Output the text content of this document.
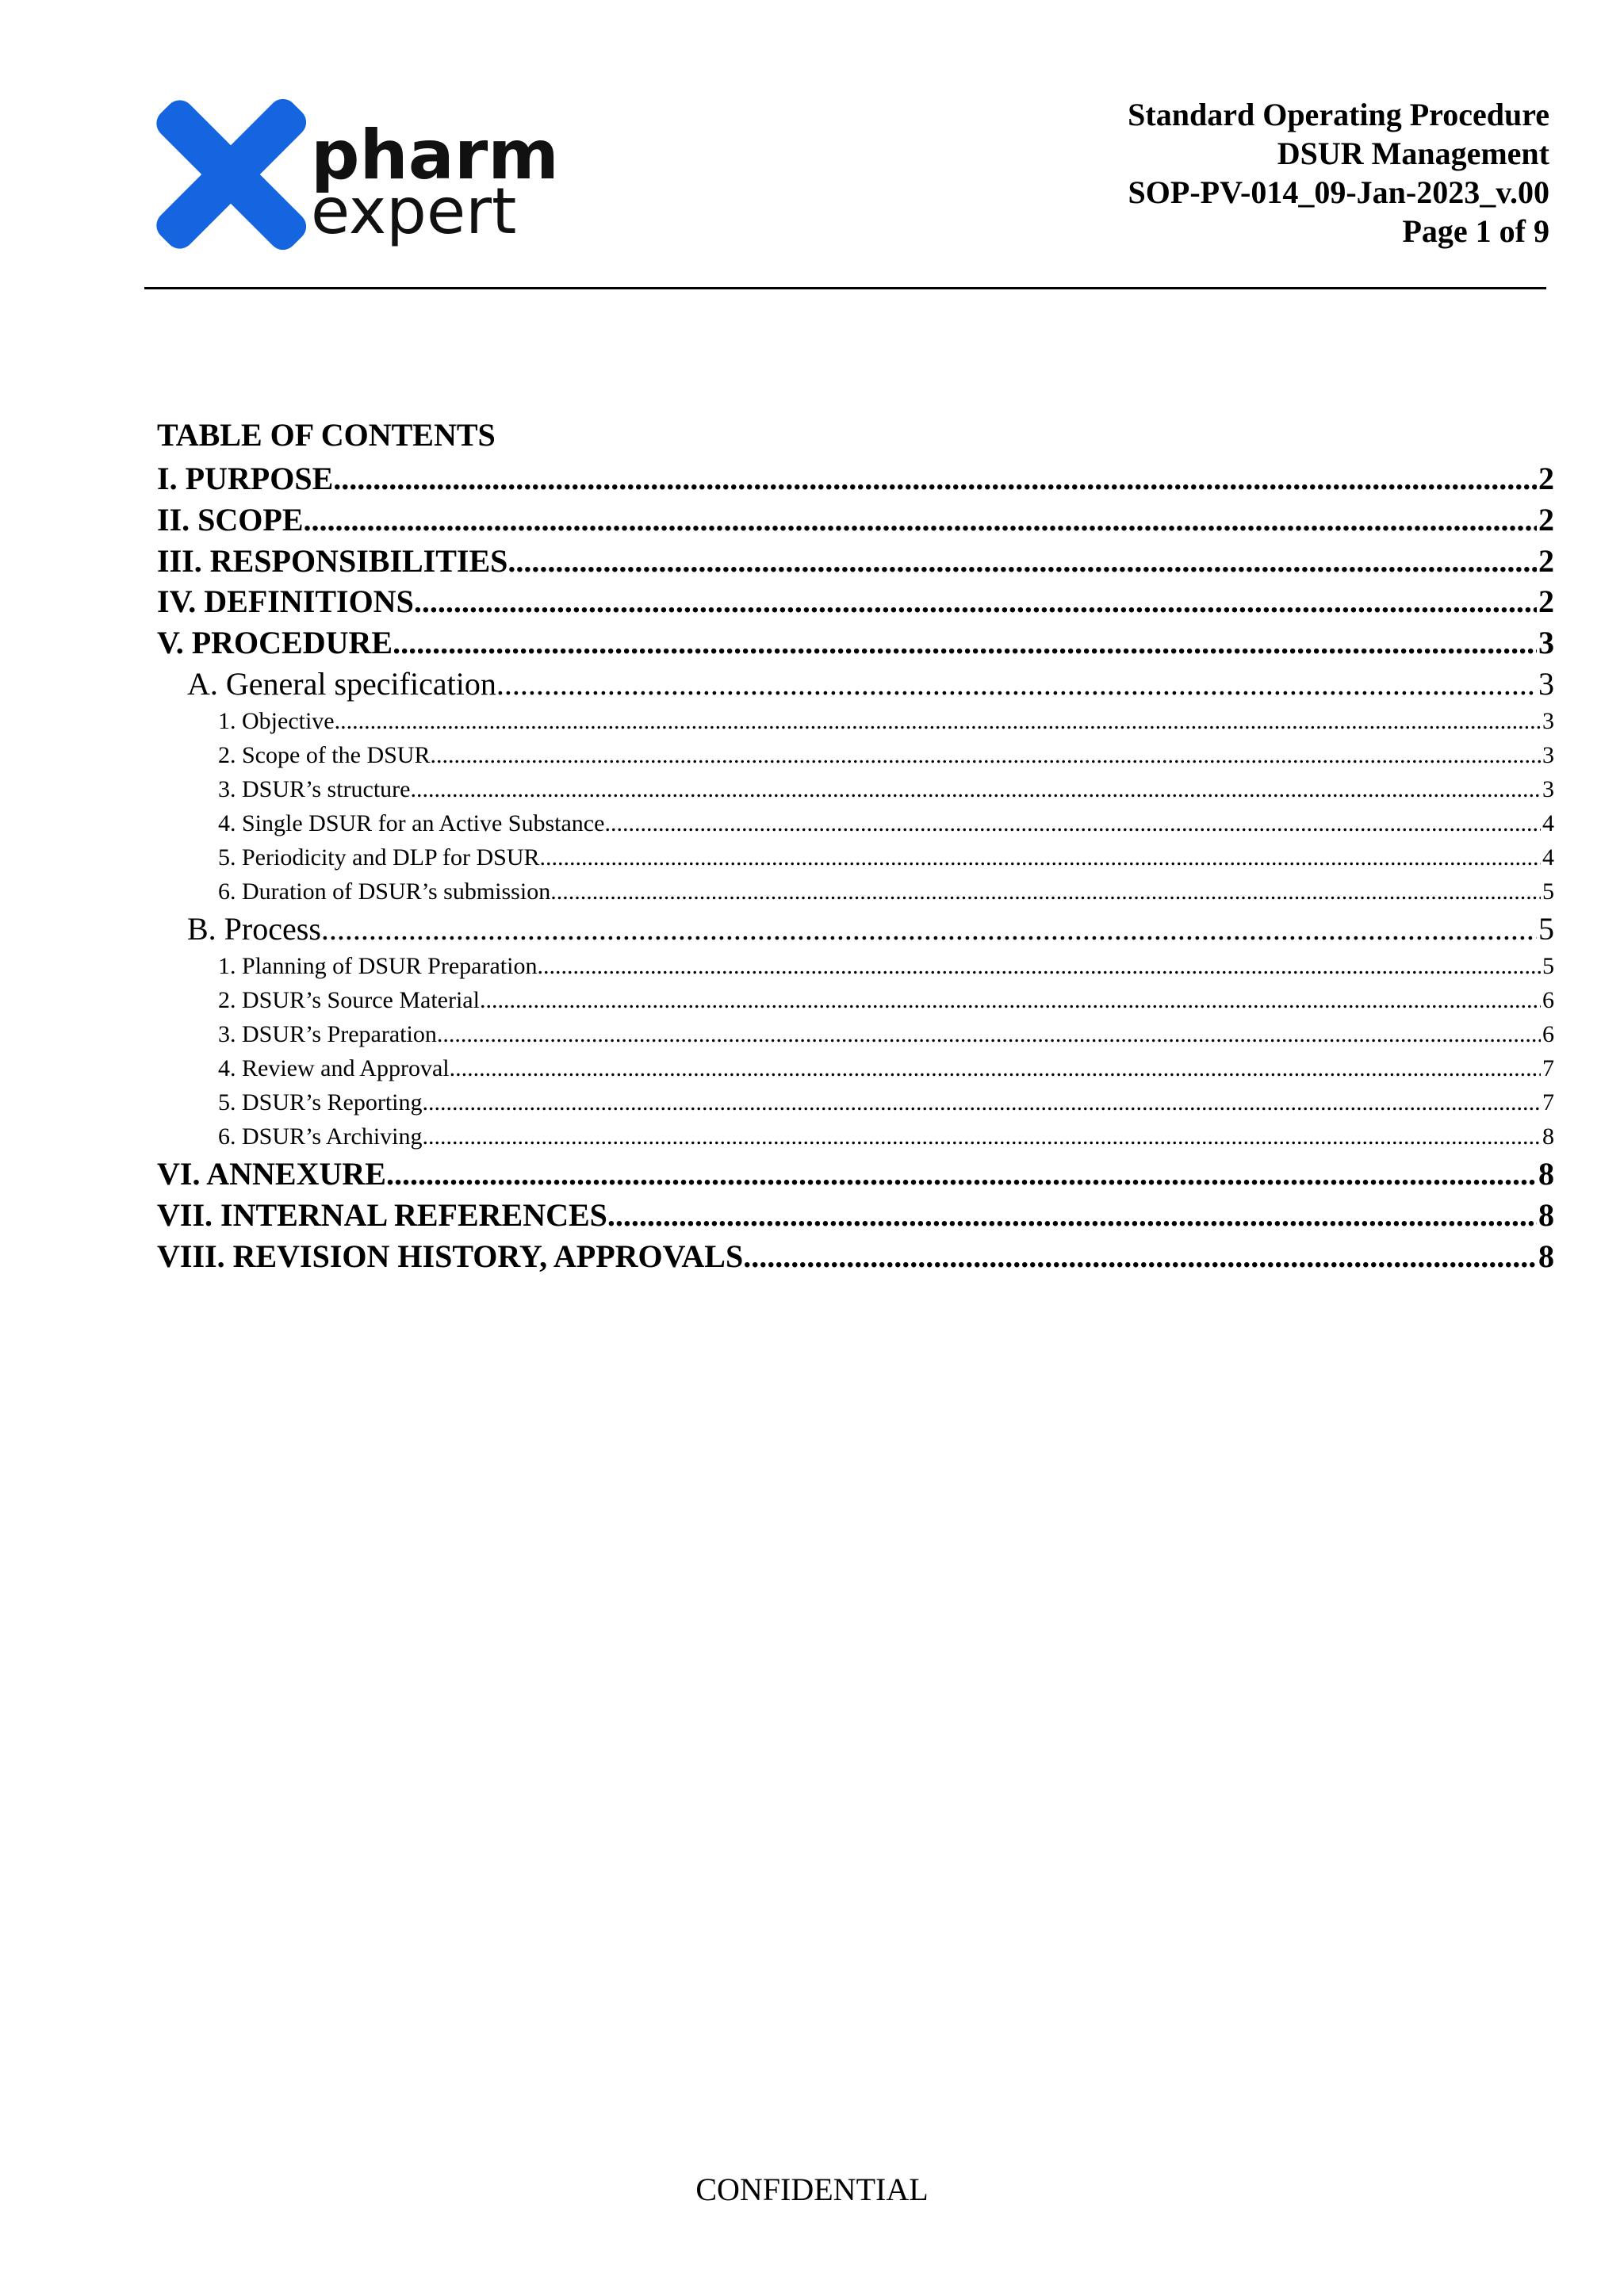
pharm
expert
Standard Operating Procedure
DSUR Management
SOP-PV-014_09-Jan-2023_v.00
Page 1 of 9
TABLE OF CONTENTS
I. PURPOSE .....	2
II. SCOPE .....	2
III. RESPONSIBILITIES .....	2
IV. DEFINITIONS .....	2
V. PROCEDURE .....	3
A. General specification .....	3
1. Objective .....	3
2. Scope of the DSUR .....	3
3. DSUR’s structure .....	3
4. Single DSUR for an Active Substance .....	4
5. Periodicity and DLP for DSUR .....	4
6. Duration of DSUR’s submission .....	5
B. Process .....	5
1. Planning of DSUR Preparation .....	5
2. DSUR’s Source Material .....	6
3. DSUR’s Preparation .....	6
4. Review and Approval .....	7
5. DSUR’s Reporting .....	7
6. DSUR’s Archiving .....	8
VI. ANNEXURE .....	8
VII. INTERNAL REFERENCES .....	8
VIII. REVISION HISTORY, APPROVALS .....	8
CONFIDENTIAL
